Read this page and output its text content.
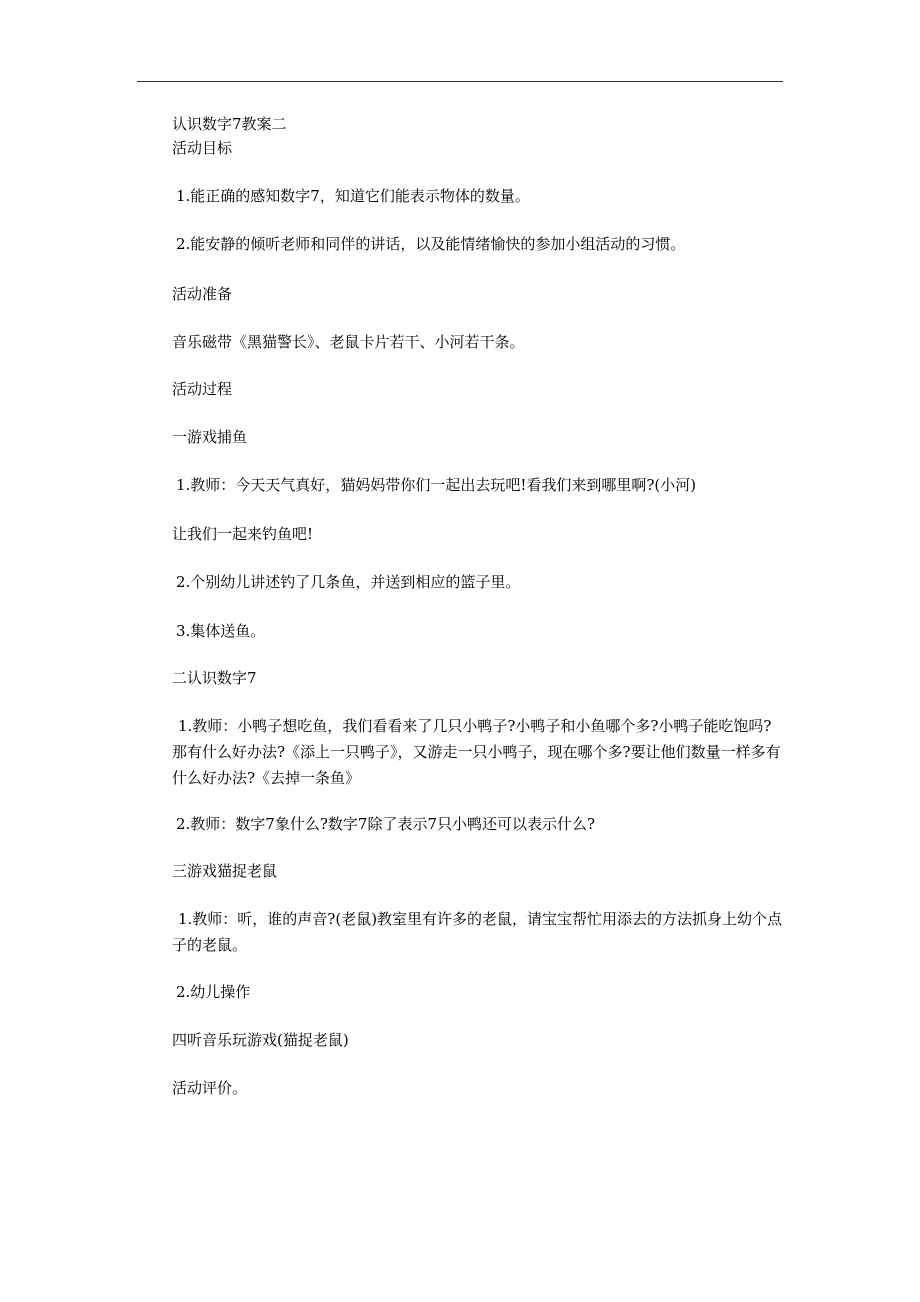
认识数字7教案二
活动目标
1.能正确的感知数字7，知道它们能表示物体的数量。
2.能安静的倾听老师和同伴的讲话，以及能情绪愉快的参加小组活动的习惯。
活动准备
音乐磁带《黑猫警长》、老鼠卡片若干、小河若干条。
活动过程
一游戏捕鱼
1.教师：今天天气真好，猫妈妈带你们一起出去玩吧!看我们来到哪里啊?(小河)
让我们一起来钓鱼吧!
2.个别幼儿讲述钓了几条鱼，并送到相应的篮子里。
3.集体送鱼。
二认识数字7
1.教师：小鸭子想吃鱼，我们看看来了几只小鸭子?小鸭子和小鱼哪个多?小鸭子能吃饱吗?那有什么好办法?《添上一只鸭子》，又游走一只小鸭子，现在哪个多?要让他们数量一样多有什么好办法?《去掉一条鱼》
2.教师：数字7象什么?数字7除了表示7只小鸭还可以表示什么?
三游戏猫捉老鼠
1.教师：听，谁的声音?(老鼠)教室里有许多的老鼠，请宝宝帮忙用添去的方法抓身上幼个点子的老鼠。
2.幼儿操作
四听音乐玩游戏(猫捉老鼠)
活动评价。
